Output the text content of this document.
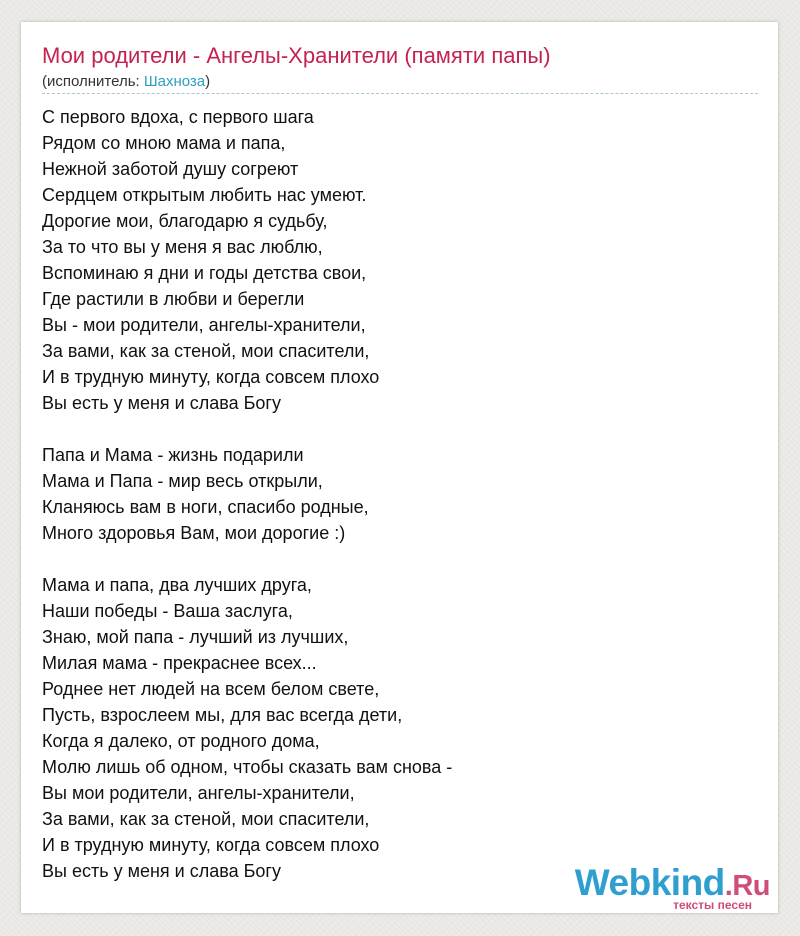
Мои родители - Ангелы-Хранители (памяти папы)
(исполнитель: Шахноза)
С первого вдоха, с первого шага
Рядом со мною мама и папа,
Нежной заботой душу согреют
Сердцем открытым любить нас умеют.
Дорогие мои, благодарю я судьбу,
За то что вы у меня я вас люблю,
Вспоминаю я дни и годы детства свои,
Где растили в любви и берегли
Вы - мои родители, ангелы-хранители,
За вами, как за стеной, мои спасители,
И в трудную минуту, когда совсем плохо
Вы есть у меня и слава Богу
Папа и Мама - жизнь подарили
Мама и Папа - мир весь открыли,
Кланяюсь вам в ноги, спасибо родные,
Много здоровья Вам, мои дорогие :)
Мама и папа, два лучших друга,
Наши победы - Ваша заслуга,
Знаю, мой папа - лучший из лучших,
Милая мама - прекраснее всех...
Роднее нет людей на всем белом свете,
Пусть, взрослеем мы, для вас всегда дети,
Когда я далеко, от родного дома,
Молю лишь об одном, чтобы сказать вам снова -
Вы мои родители, ангелы-хранители,
За вами, как за стеной, мои спасители,
И в трудную минуту, когда совсем плохо
Вы есть у меня и слава Богу	Webkind.Ru
тексты песен
